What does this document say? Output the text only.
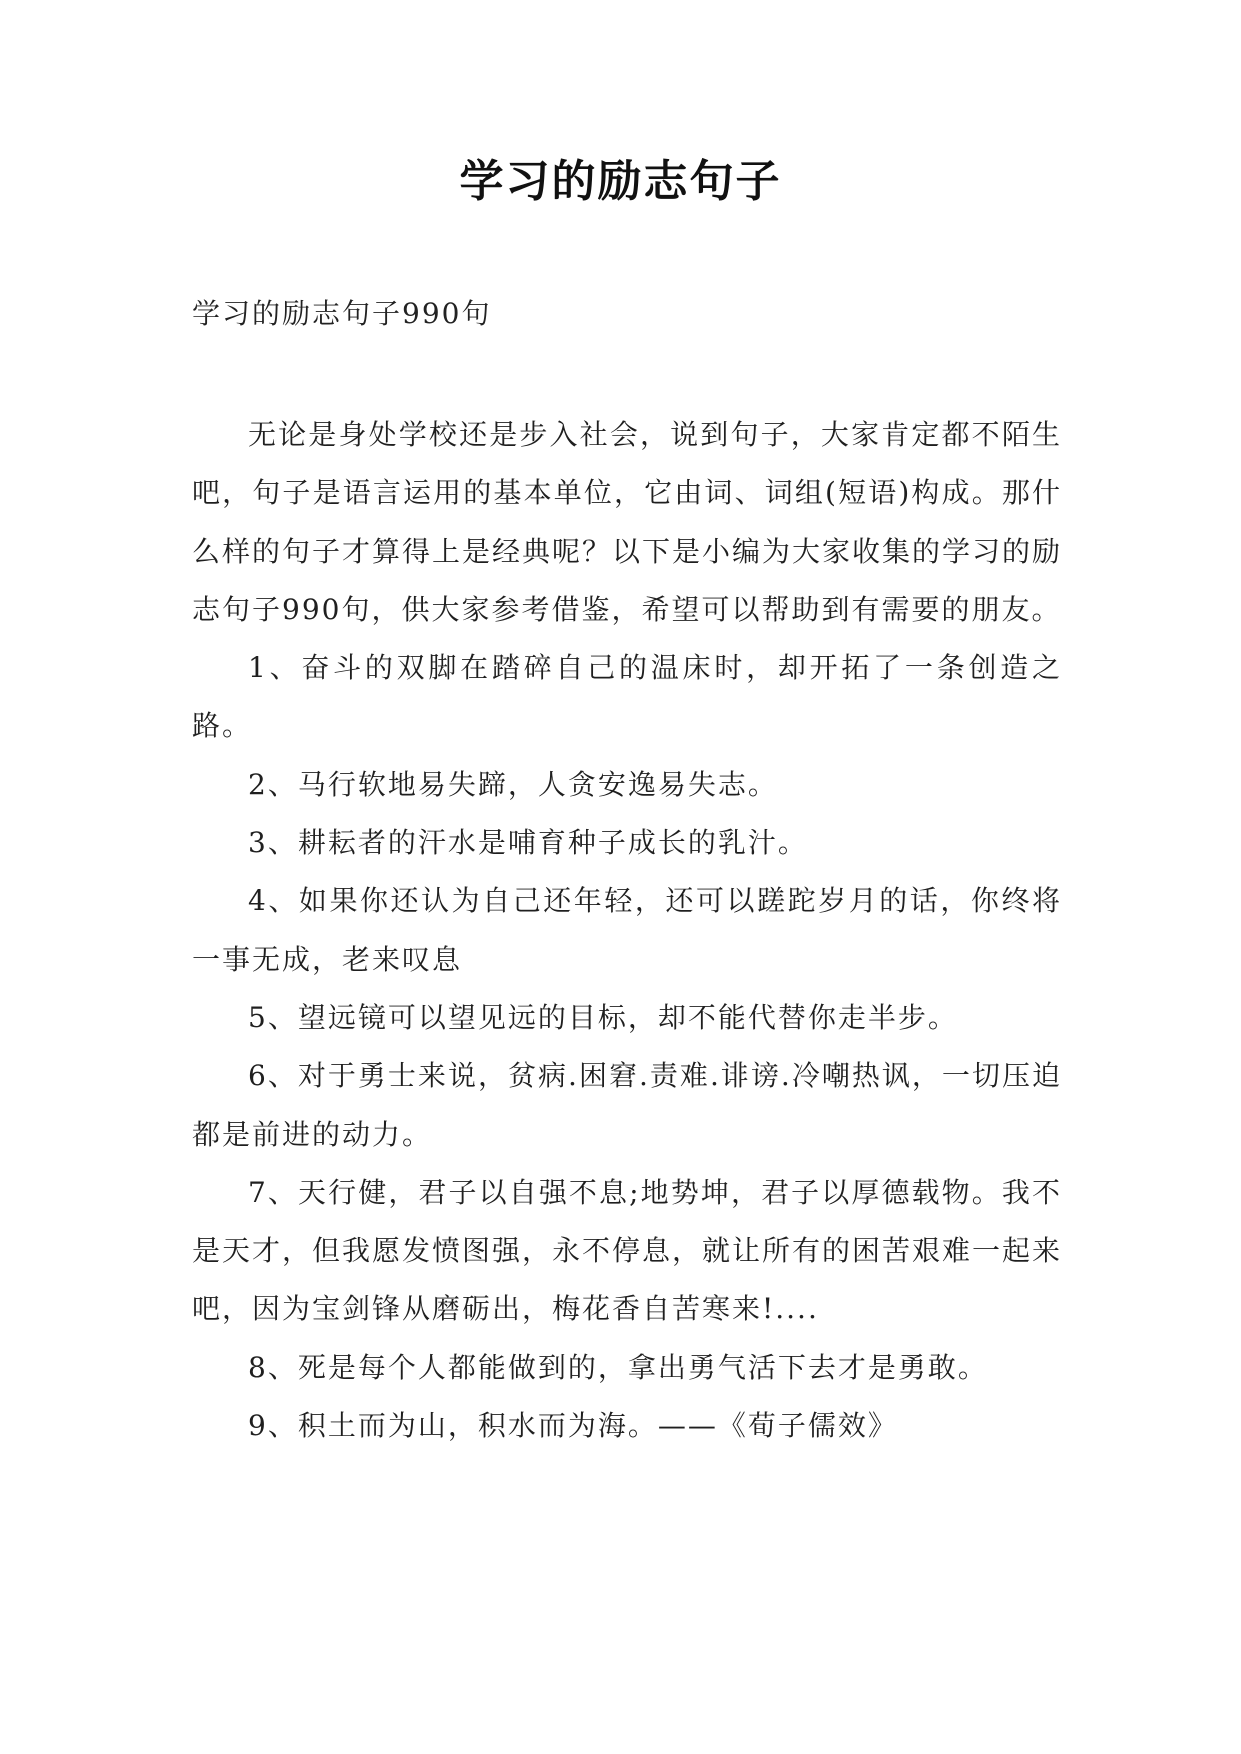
学习的励志句子
学习的励志句子990句

无论是身处学校还是步入社会，说到句子，大家肯定都不陌生吧，句子是语言运用的基本单位，它由词、词组(短语)构成。那什么样的句子才算得上是经典呢？以下是小编为大家收集的学习的励志句子990句，供大家参考借鉴，希望可以帮助到有需要的朋友。

1、奋斗的双脚在踏碎自己的温床时，却开拓了一条创造之路。

2、马行软地易失蹄，人贪安逸易失志。

3、耕耘者的汗水是哺育种子成长的乳汁。

4、如果你还认为自己还年轻，还可以蹉跎岁月的话，你终将一事无成，老来叹息

5、望远镜可以望见远的目标，却不能代替你走半步。

6、对于勇士来说，贫病.困窘.责难.诽谤.冷嘲热讽，一切压迫都是前进的动力。

7、天行健，君子以自强不息;地势坤，君子以厚德载物。我不是天才，但我愿发愤图强，永不停息，就让所有的困苦艰难一起来吧，因为宝剑锋从磨砺出，梅花香自苦寒来!....

8、死是每个人都能做到的，拿出勇气活下去才是勇敢。

9、积土而为山，积水而为海。——《荀子儒效》
